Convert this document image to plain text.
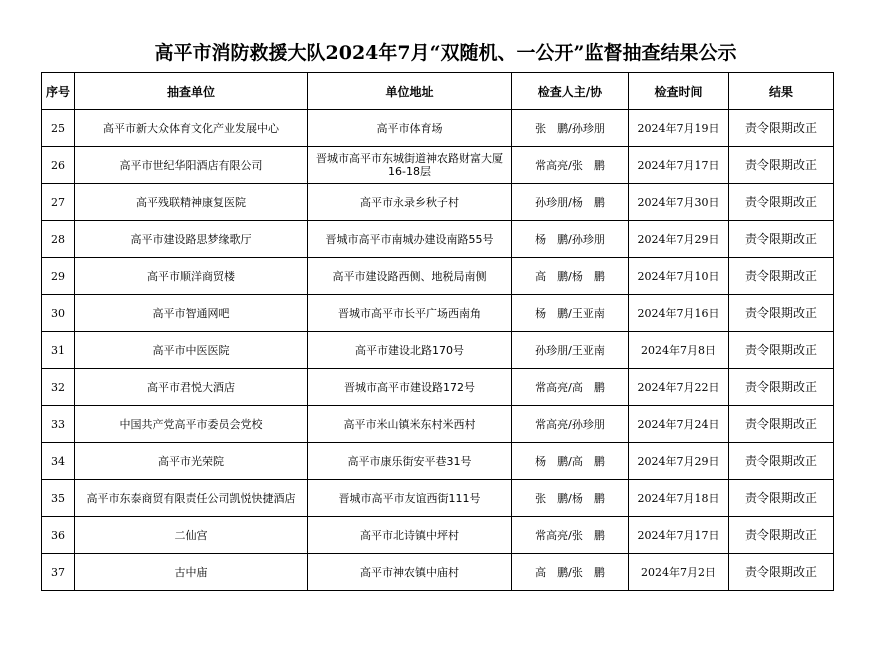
高平市消防救援大队2024年7月“双随机、一公开”监督抽查结果公示
序号	抽查单位	单位地址	检查人主/协	检查时间	结果
25	高平市新大众体育文化产业发展中心	高平市体育场	张　鹏/孙珍朋	2024年7月19日	责令限期改正
26	高平市世纪华阳酒店有限公司	晋城市高平市东城街道神农路财富大厦16-18层	常高亮/张　鹏	2024年7月17日	责令限期改正
27	高平残联精神康复医院	高平市永录乡秋子村	孙珍朋/杨　鹏	2024年7月30日	责令限期改正
28	高平市建设路思梦缘歌厅	晋城市高平市南城办建设南路55号	杨　鹏/孙珍朋	2024年7月29日	责令限期改正
29	高平市顺洋商贸楼	高平市建设路西侧、地税局南侧	高　鹏/杨　鹏	2024年7月10日	责令限期改正
30	高平市智通网吧	晋城市高平市长平广场西南角	杨　鹏/王亚南	2024年7月16日	责令限期改正
31	高平市中医医院	高平市建设北路170号	孙珍朋/王亚南	2024年7月8日	责令限期改正
32	高平市君悦大酒店	晋城市高平市建设路172号	常高亮/高　鹏	2024年7月22日	责令限期改正
33	中国共产党高平市委员会党校	高平市米山镇米东村米西村	常高亮/孙珍朋	2024年7月24日	责令限期改正
34	高平市光荣院	高平市康乐街安平巷31号	杨　鹏/高　鹏	2024年7月29日	责令限期改正
35	高平市东泰商贸有限责任公司凯悦快捷酒店	晋城市高平市友谊西街111号	张　鹏/杨　鹏	2024年7月18日	责令限期改正
36	二仙宫	高平市北诗镇中坪村	常高亮/张　鹏	2024年7月17日	责令限期改正
37	古中庙	高平市神农镇中庙村	高　鹏/张　鹏	2024年7月2日	责令限期改正
